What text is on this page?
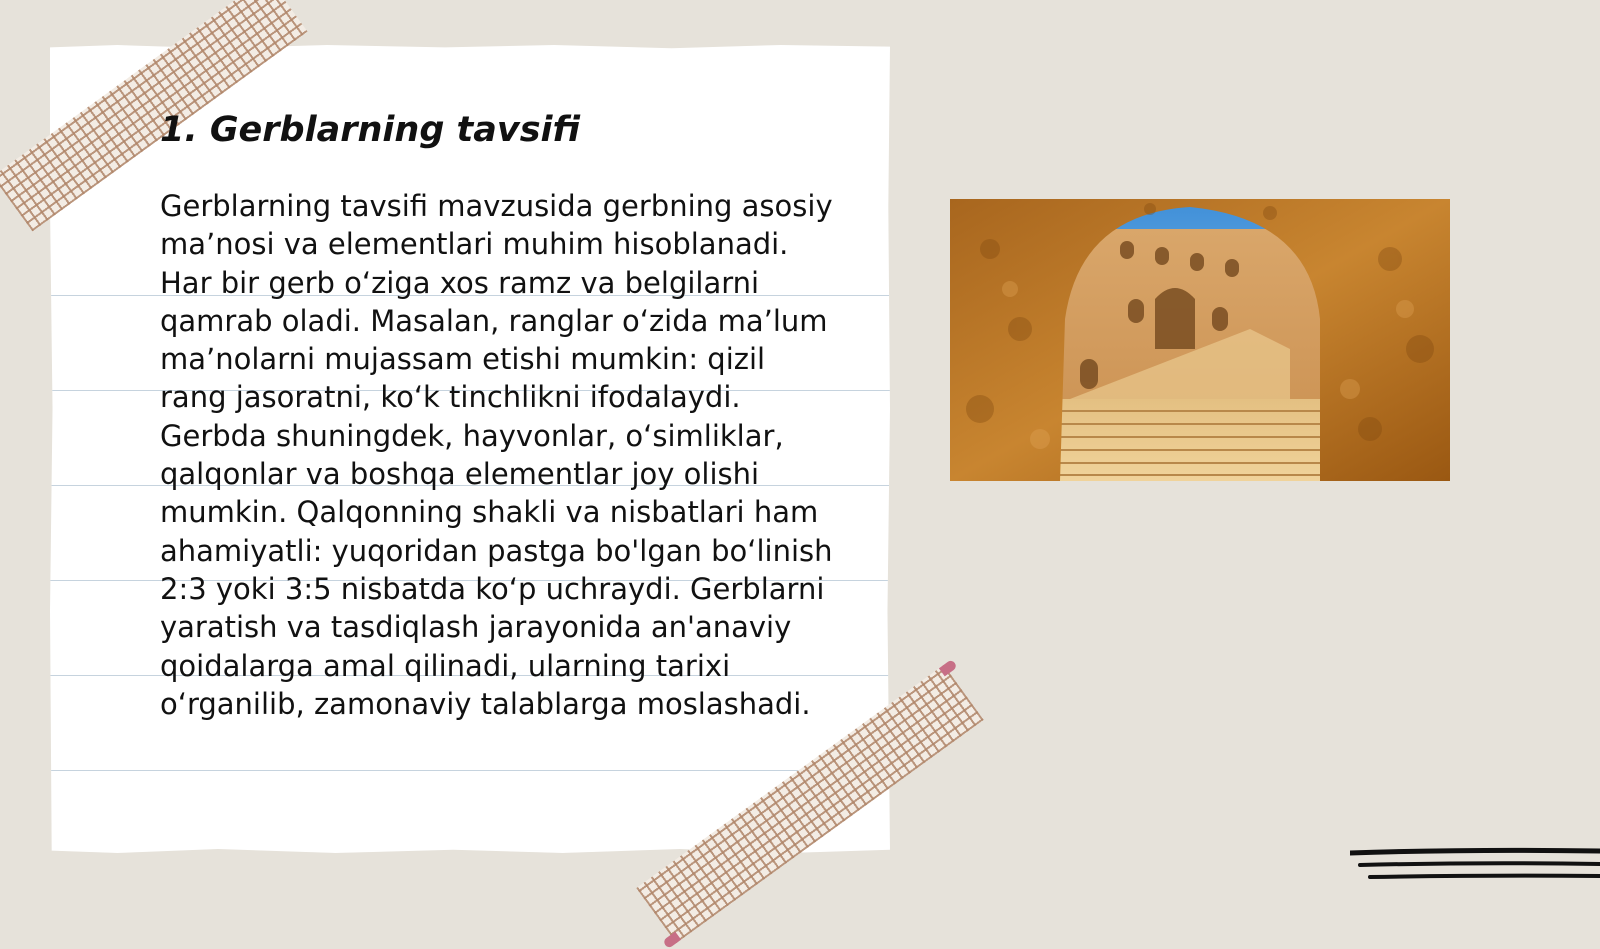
1. Gerblarning tavsifi

Gerblarning tavsifi mavzusida gerbning asosiy ma’nosi va elementlari muhim hisoblanadi. Har bir gerb o‘ziga xos ramz va belgilarni qamrab oladi. Masalan, ranglar o‘zida ma’lum ma’nolarni mujassam etishi mumkin: qizil rang jasoratni, ko‘k tinchlikni ifodalaydi. Gerbda shuningdek, hayvonlar, o‘simliklar, qalqonlar va boshqa elementlar joy olishi mumkin. Qalqonning shakli va nisbatlari ham ahamiyatli: yuqoridan pastga bo'lgan bo‘linish 2:3 yoki 3:5 nisbatda ko‘p uchraydi. Gerblarni yaratish va tasdiqlash jarayonida an'anaviy qoidalarga amal qilinadi, ularning tarixi o‘rganilib, zamonaviy talablarga moslashadi.
